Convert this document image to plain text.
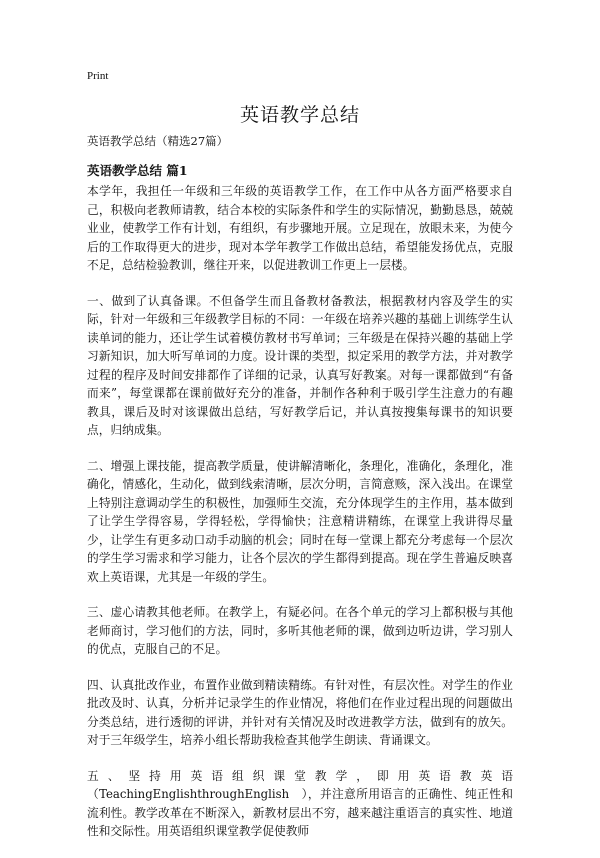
Print
英语教学总结

英语教学总结（精选27篇）

英语教学总结 篇1

本学年，我担任一年级和三年级的英语教学工作，在工作中从各方面严格要求自己，积极向老教师请教，结合本校的实际条件和学生的实际情况，勤勤恳恳，兢兢业业，使教学工作有计划，有组织，有步骤地开展。立足现在，放眼未来，为使今后的工作取得更大的进步，现对本学年教学工作做出总结，希望能发扬优点，克服不足，总结检验教训，继往开来，以促进教训工作更上一层楼。

一、做到了认真备课。不但备学生而且备教材备教法，根据教材内容及学生的实际，针对一年级和三年级教学目标的不同：一年级在培养兴趣的基础上训练学生认读单词的能力，还让学生试着模仿教材书写单词；三年级是在保持兴趣的基础上学习新知识，加大听写单词的力度。设计课的类型，拟定采用的教学方法，并对教学过程的程序及时间安排都作了详细的记录，认真写好教案。对每一课都做到“有备而来”，每堂课都在课前做好充分的准备，并制作各种利于吸引学生注意力的有趣教具，课后及时对该课做出总结，写好教学后记，并认真按搜集每课书的知识要点，归纳成集。

二、增强上课技能，提高教学质量，使讲解清晰化，条理化，准确化，条理化，准确化，情感化，生动化，做到线索清晰，层次分明，言简意赅，深入浅出。在课堂上特别注意调动学生的积极性，加强师生交流，充分体现学生的主作用，基本做到了让学生学得容易，学得轻松，学得愉快；注意精讲精练，在课堂上我讲得尽量少，让学生有更多动口动手动脑的机会；同时在每一堂课上都充分考虑每一个层次的学生学习需求和学习能力，让各个层次的学生都得到提高。现在学生普遍反映喜欢上英语课，尤其是一年级的学生。

三、虚心请教其他老师。在教学上，有疑必问。在各个单元的学习上都积极与其他老师商讨，学习他们的方法，同时，多听其他老师的课，做到边听边讲，学习别人的优点，克服自己的不足。

四、认真批改作业，布置作业做到精读精练。有针对性，有层次性。对学生的作业批改及时、认真，分析并记录学生的作业情况，将他们在作业过程出现的问题做出分类总结，进行透彻的评讲，并针对有关情况及时改进教学方法，做到有的放矢。对于三年级学生，培养小组长帮助我检查其他学生朗读、背诵课文。

五、坚持用英语组织课堂教学，即用英语教英语（TeachingEnglishthroughEnglish　），并注意所用语言的正确性、纯正性和流利性。教学改革在不断深入，新教材层出不穷，越来越注重语言的真实性、地道性和交际性。用英语组织课堂教学促使教师
